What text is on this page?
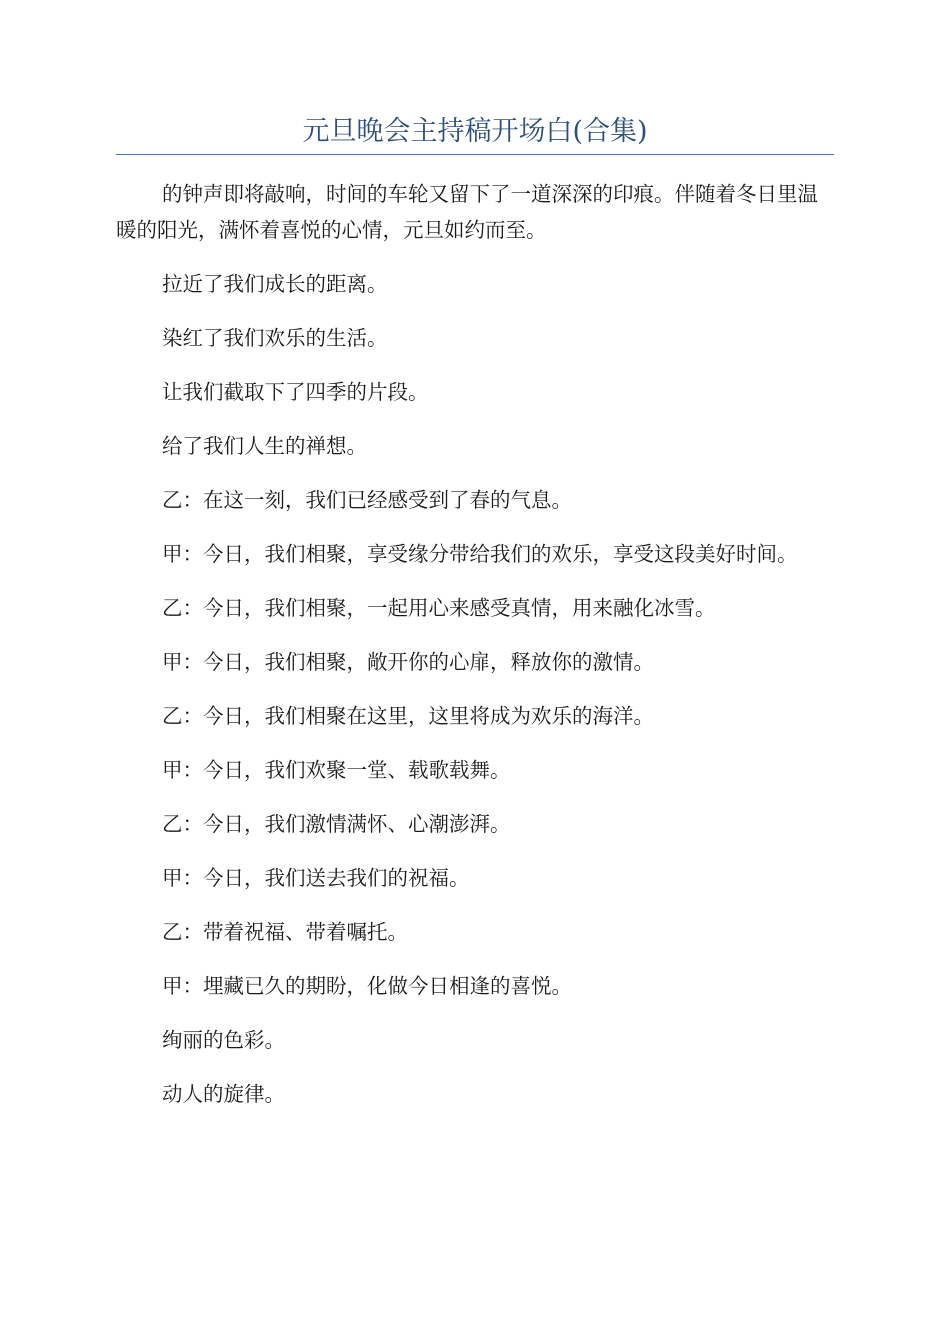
元旦晚会主持稿开场白(合集)

的钟声即将敲响，时间的车轮又留下了一道深深的印痕。伴随着冬日里温暖的阳光，满怀着喜悦的心情，元旦如约而至。

拉近了我们成长的距离。

染红了我们欢乐的生活。

让我们截取下了四季的片段。

给了我们人生的禅想。

乙：在这一刻，我们已经感受到了春的气息。

甲：今日，我们相聚，享受缘分带给我们的欢乐，享受这段美好时间。

乙：今日，我们相聚，一起用心来感受真情，用来融化冰雪。

甲：今日，我们相聚，敞开你的心扉，释放你的激情。

乙：今日，我们相聚在这里，这里将成为欢乐的海洋。

甲：今日，我们欢聚一堂、载歌载舞。

乙：今日，我们激情满怀、心潮澎湃。

甲：今日，我们送去我们的祝福。

乙：带着祝福、带着嘱托。

甲：埋藏已久的期盼，化做今日相逢的喜悦。

绚丽的色彩。

动人的旋律。
